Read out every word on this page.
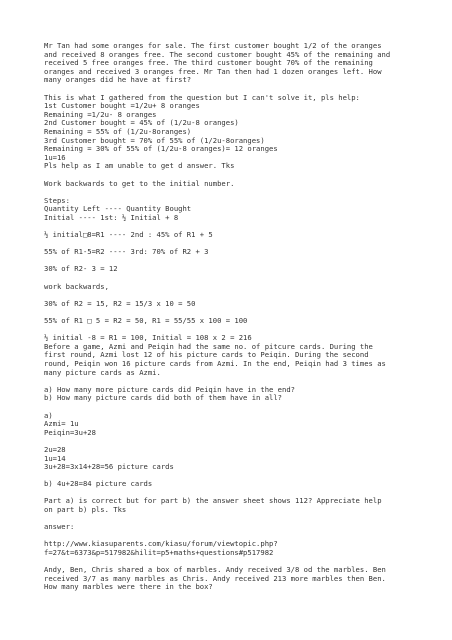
Mr Tan had some oranges for sale. The first customer bought 1/2 of the oranges
and received 8 oranges free. The second customer bought 45% of the remaining and
received 5 free oranges free. The third customer bought 70% of the remaining
oranges and received 3 oranges free. Mr Tan then had 1 dozen oranges left. How
many oranges did he have at first?
This is what I gathered from the question but I can't solve it, pls help:
1st Customer bought =1/2u+ 8 oranges
Remaining =1/2u- 8 oranges
2nd Customer bought = 45% of (1/2u-8 oranges)
Remaining = 55% of (1/2u-8oranges)
3rd Customer bought = 70% of 55% of (1/2u-8oranges)
Remaining = 30% of 55% of (1/2u-8 oranges)= 12 oranges
1u=16
Pls help as I am unable to get d answer. Tks
Work backwards to get to the initial number.
Steps:
Quantity Left ---- Quantity Bought
Initial ---- 1st: ½ Initial + 8
½ initial□8=R1 ---- 2nd : 45% of R1 + 5
55% of R1-5=R2 ---- 3rd: 70% of R2 + 3
30% of R2- 3 = 12
work backwards,
30% of R2 = 15, R2 = 15/3 x 10 = 50
55% of R1 □ 5 = R2 = 50, R1 = 55/55 x 100 = 100
½ initial -8 = R1 = 100, Initial = 108 x 2 = 216
Before a game, Azmi and Peiqin had the same no. of pitcure cards. During the
first round, Azmi lost 12 of his picture cards to Peiqin. During the second
round, Peiqin won 16 picture cards from Azmi. In the end, Peiqin had 3 times as
many picture cards as Azmi.
a) How many more picture cards did Peiqin have in the end?
b) How many picture cards did both of them have in all?
a)
Azmi= 1u
Peiqin=3u+28
2u=28
1u=14
3u+28=3x14+28=56 picture cards
b) 4u+28=84 picture cards
Part a) is correct but for part b) the answer sheet shows 112? Appreciate help
on part b) pls. Tks
answer:
http://www.kiasuparents.com/kiasu/forum/viewtopic.php?
f=27&t=6373&p=517982&hilit=p5+maths+questions#p517982
Andy, Ben, Chris shared a box of marbles. Andy received 3/8 od the marbles. Ben
received 3/7 as many marbles as Chris. Andy received 213 more marbles then Ben.
How many marbles were there in the box?
